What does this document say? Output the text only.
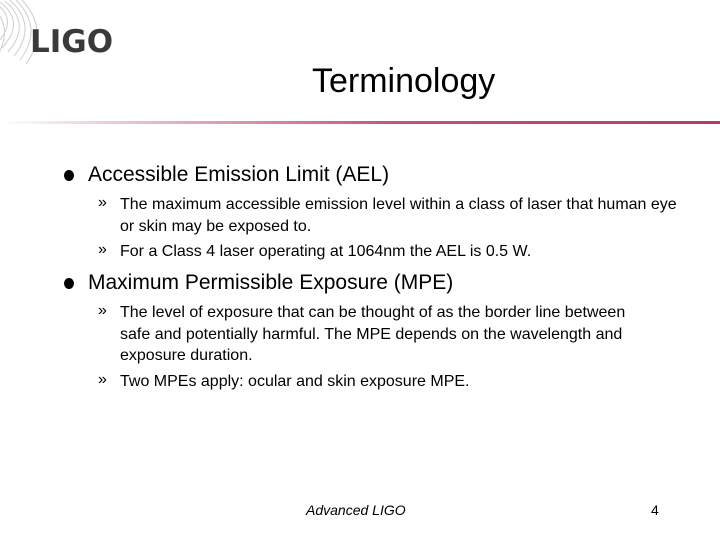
LIGO
Terminology
Accessible Emission Limit (AEL)
» The maximum accessible emission level within a class of laser that human eye or skin may be exposed to.
» For a Class 4 laser operating at 1064nm the AEL is 0.5 W.
Maximum Permissible Exposure (MPE)
» The level of exposure that can be thought of as the border line between safe and potentially harmful. The MPE depends on the wavelength and exposure duration.
» Two MPEs apply: ocular and skin exposure MPE.
Advanced LIGO	4
